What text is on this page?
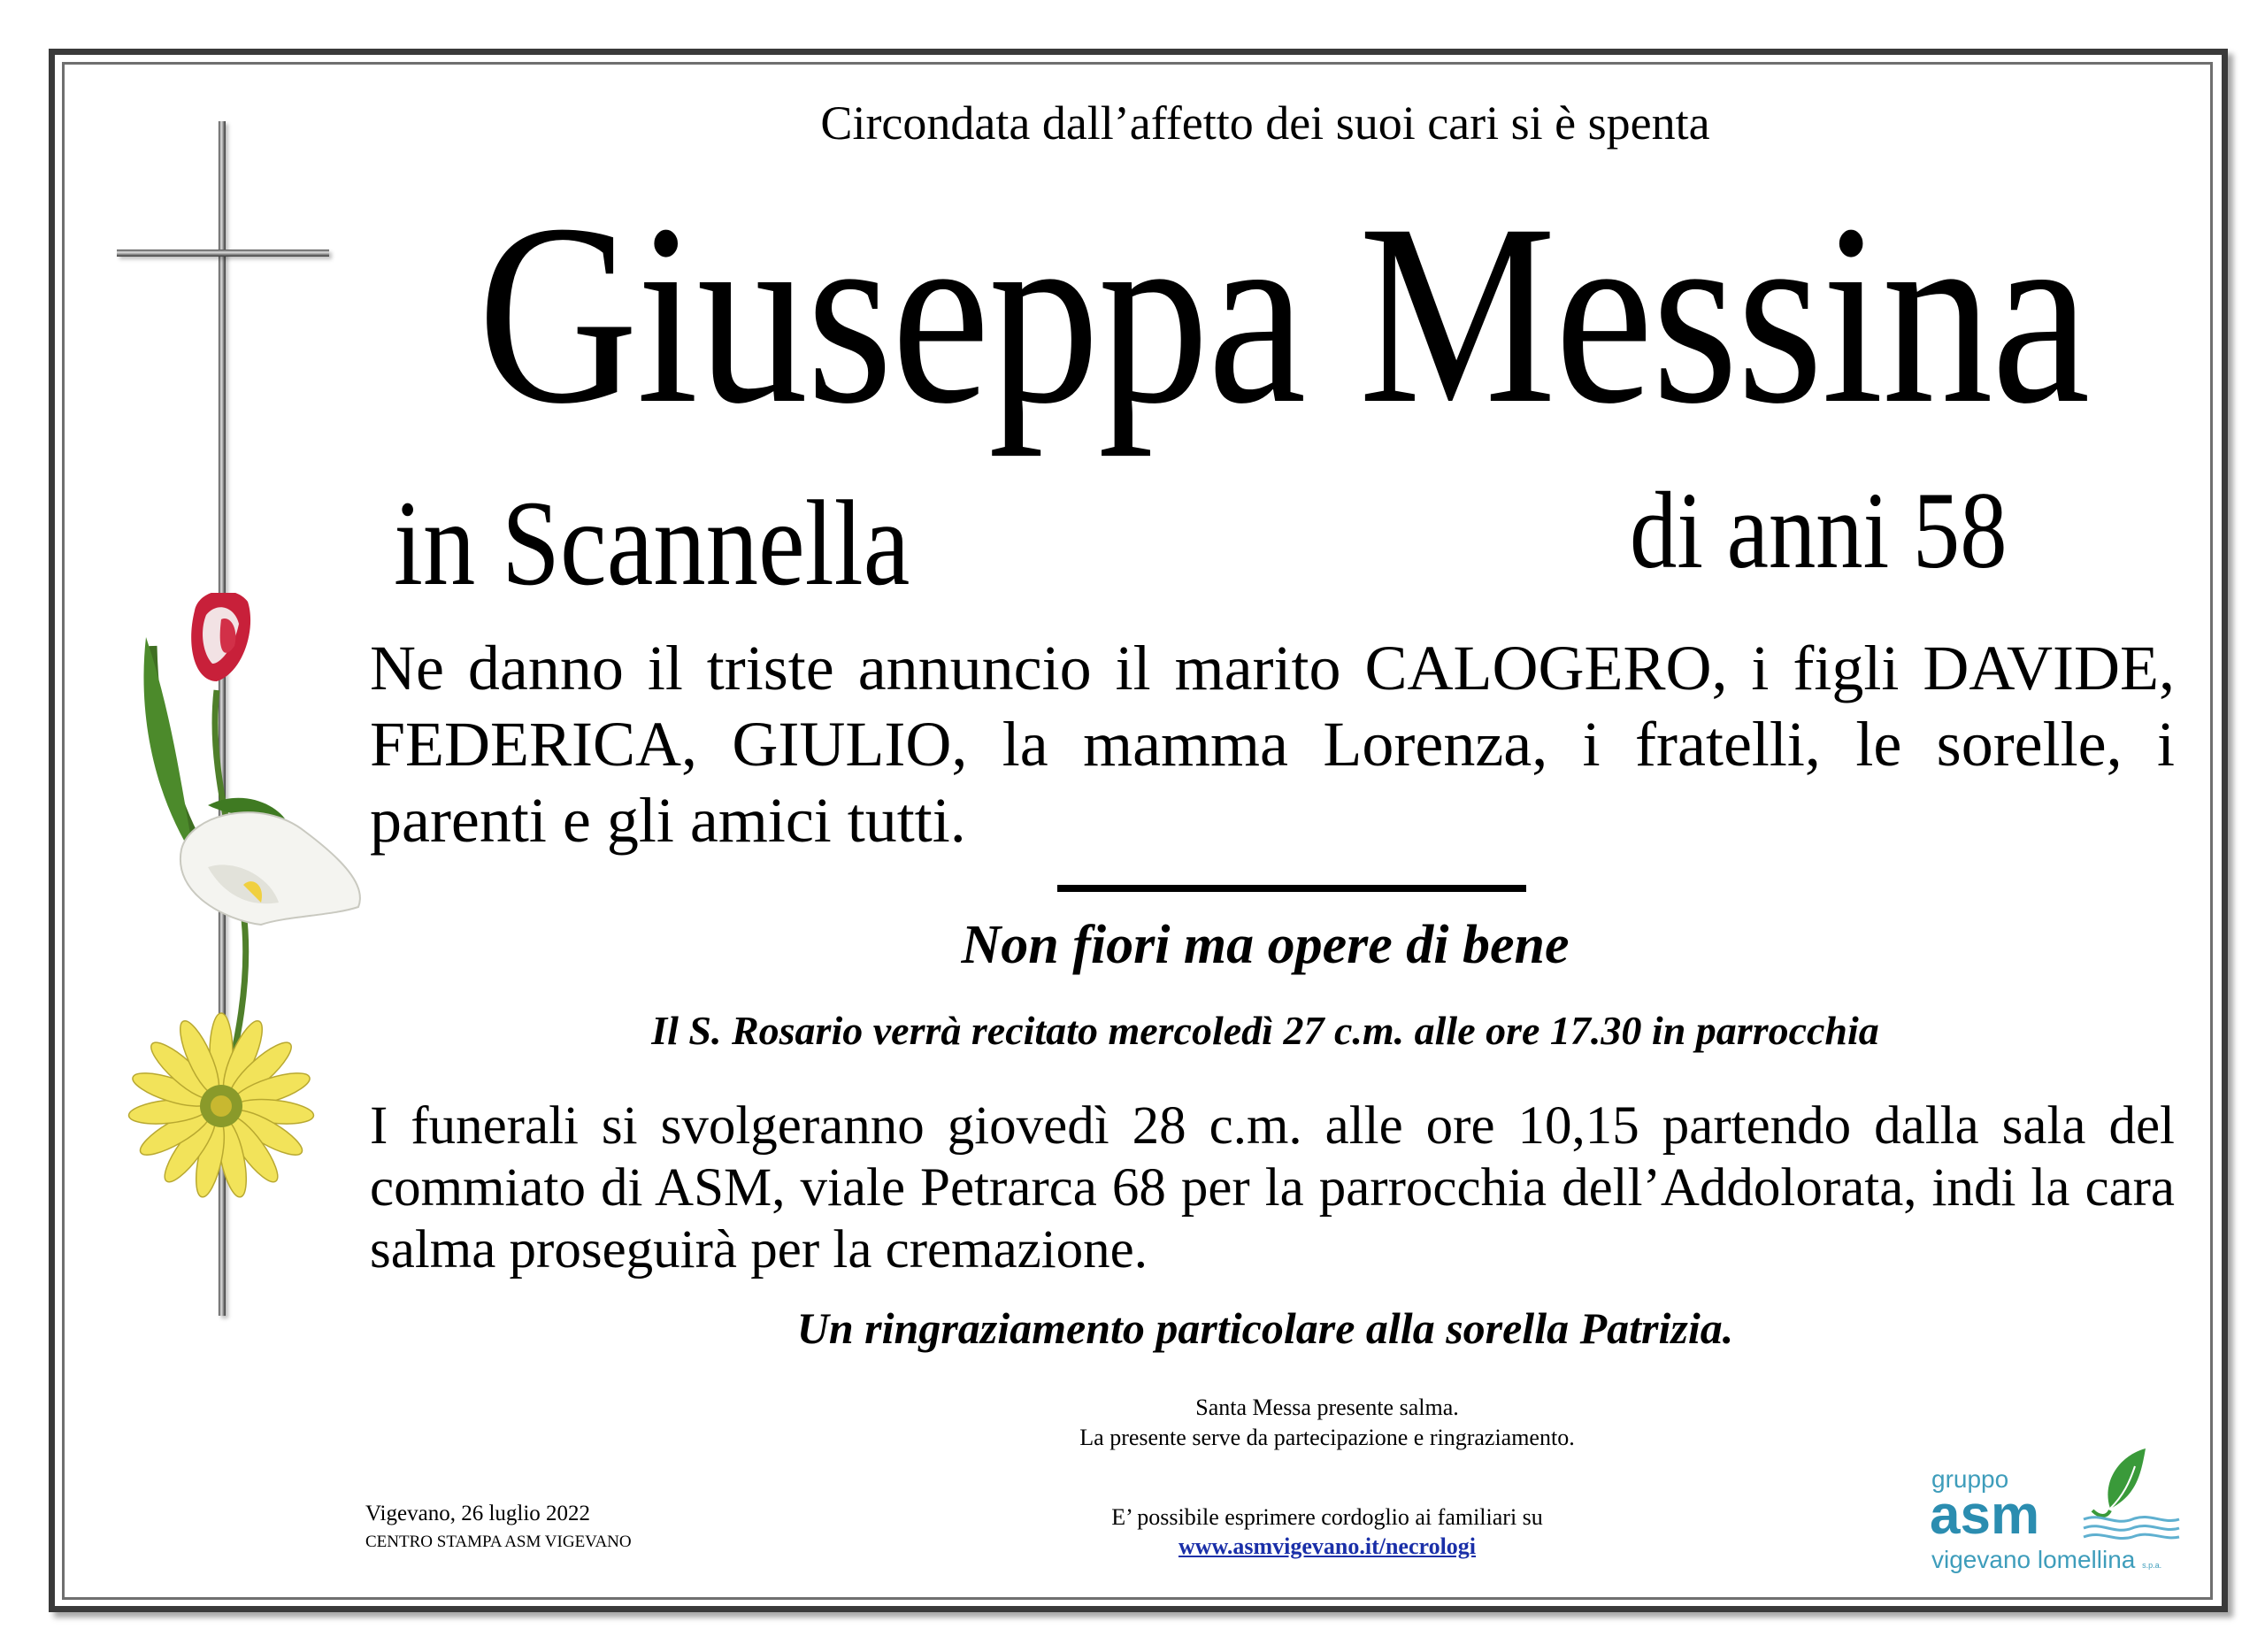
Circondata dall’affetto dei suoi cari si è spenta
Giuseppa Messina
in Scannella	di anni 58
Ne danno il triste annuncio il marito CALOGERO, i figli DAVIDE, FEDERICA, GIULIO, la mamma Lorenza, i fratelli, le sorelle, i parenti e gli amici tutti.
Non fiori ma opere di bene
Il S. Rosario verrà recitato mercoledì 27 c.m. alle ore 17.30 in parrocchia
I funerali si svolgeranno giovedì 28 c.m. alle ore 10,15 partendo dalla sala del commiato di ASM, viale Petrarca 68 per la parrocchia dell’Addolorata, indi la cara salma proseguirà per la cremazione.
Un ringraziamento particolare alla sorella Patrizia.
Santa Messa presente salma.
La presente serve da partecipazione e ringraziamento.
Vigevano, 26 luglio 2022
CENTRO STAMPA ASM VIGEVANO
E’ possibile esprimere cordoglio ai familiari su
www.asmvigevano.it/necrologi
gruppo
asm
vigevano lomellina s.p.a.
